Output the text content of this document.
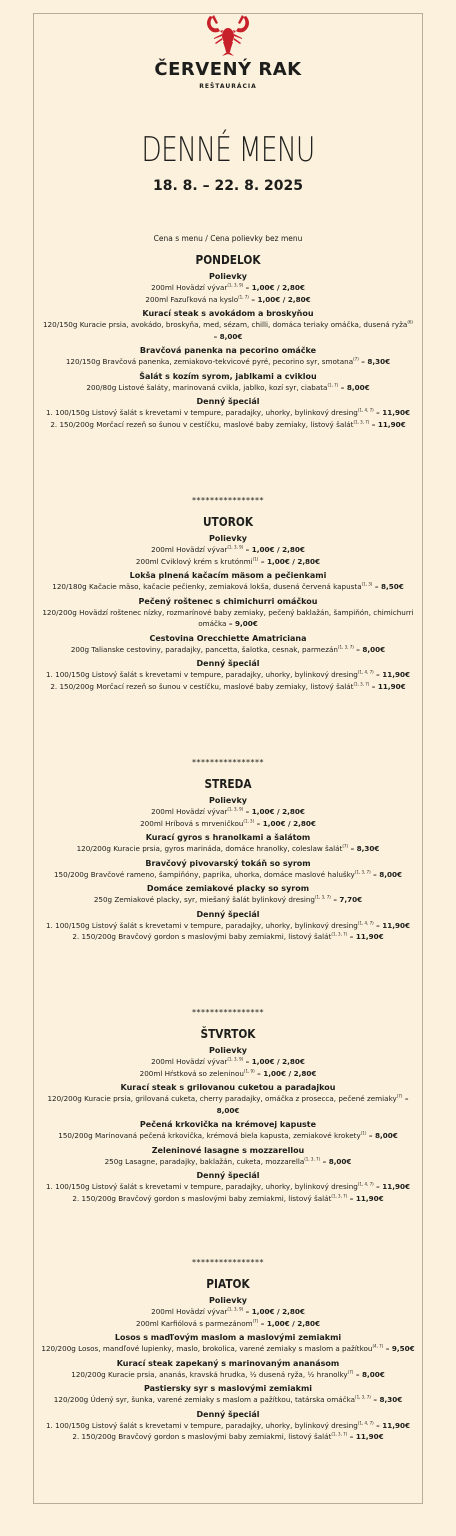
ČERVENÝ RAK
REŠTAURÁCIA
DENNÉ MENU
18. 8. – 22. 8. 2025
Cena s menu / Cena polievky bez menu
PONDELOK
Polievky
200ml Hovädzí vývar$^{(1, 3, 9)}$ – 1,00€ / 2,80€
200ml Fazuľková na kyslo$^{(1, 7)}$ – 1,00€ / 2,80€
Kurací steak s avokádom a broskyňou
120/150g Kuracie prsia, avokádo, broskyňa, med, sézam, chilli, domáca teriaky omáčka, dusená ryža$^{(6)}$ – 8,00€
Bravčová panenka na pecorino omáčke
120/150g Bravčová panenka, zemiakovo-tekvicové pyré, pecorino syr, smotana$^{(7)}$ – 8,30€
Šalát s kozím syrom, jablkami a cviklou
200/80g Listové šaláty, marinovaná cvikla, jablko, kozí syr, ciabata$^{(1, 7)}$ – 8,00€
Denný špeciál
1. 100/150g Listový šalát s krevetami v tempure, paradajky, uhorky, bylinkový dresing$^{(1, 4, 7)}$ – 11,90€
2. 150/200g Morčací rezeň so šunou v cestíčku, maslové baby zemiaky, listový šalát$^{(1, 3, 7)}$ – 11,90€
UTOROK
Polievky
200ml Hovädzí vývar$^{(1, 3, 9)}$ – 1,00€ / 2,80€
200ml Cviklový krém s krutónmi$^{(1)}$ – 1,00€ / 2,80€
Lokša plnená kačacím mäsom a pečienkami
120/180g Kačacie mäso, kačacie pečienky, zemiaková lokša, dusená červená kapusta$^{(1, 3)}$ – 8,50€
Pečený roštenec s chimichurri omáčkou
120/200g Hovädzí roštenec nízky, rozmarínové baby zemiaky, pečený baklažán, šampiňón, chimichurri omáčka – 9,00€
Cestovina Orecchiette Amatriciana
200g Talianske cestoviny, paradajky, pancetta, šalotka, cesnak, parmezán$^{(1, 3, 7)}$ – 8,00€
Denný špeciál
1. 100/150g Listový šalát s krevetami v tempure, paradajky, uhorky, bylinkový dresing$^{(1, 4, 7)}$ – 11,90€
2. 150/200g Morčací rezeň so šunou v cestíčku, maslové baby zemiaky, listový šalát$^{(1, 3, 7)}$ – 11,90€
STREDA
Polievky
200ml Hovädzí vývar$^{(1, 3, 9)}$ – 1,00€ / 2,80€
200ml Hríbová s mrveničkou$^{(1, 3)}$ – 1,00€ / 2,80€
Kurací gyros s hranolkami a šalátom
120/200g Kuracie prsia, gyros marináda, domáce hranolky, coleslaw šalát$^{(7)}$ – 8,30€
Bravčový pivovarský tokáň so syrom
150/200g Bravčové rameno, šampiňóny, paprika, uhorka, domáce maslové halušky$^{(1, 3, 7)}$ – 8,00€
Domáce zemiakové placky so syrom
250g Zemiakové placky, syr, miešaný šalát bylinkový dresing$^{(1, 3, 7)}$ – 7,70€
Denný špeciál
1. 100/150g Listový šalát s krevetami v tempure, paradajky, uhorky, bylinkový dresing$^{(1, 4, 7)}$ – 11,90€
2. 150/200g Bravčový gordon s maslovými baby zemiakmi, listový šalát$^{(1, 3, 7)}$ – 11,90€
ŠTVRTOK
Polievky
200ml Hovädzí vývar$^{(1, 3, 9)}$ – 1,00€ / 2,80€
200ml Hŕstková so zeleninou$^{(1, 9)}$ – 1,00€ / 2,80€
Kurací steak s grilovanou cuketou a paradajkou
120/200g Kuracie prsia, grilovaná cuketa, cherry paradajky, omáčka z prosecca, pečené zemiaky$^{(7)}$ – 8,00€
Pečená krkovička na krémovej kapuste
150/200g Marinovaná pečená krkovička, krémová biela kapusta, zemiakové krokety$^{(1)}$ – 8,00€
Zeleninové lasagne s mozzarellou
250g Lasagne, paradajky, baklažán, cuketa, mozzarella$^{(1, 3, 7)}$ – 8,00€
Denný špeciál
1. 100/150g Listový šalát s krevetami v tempure, paradajky, uhorky, bylinkový dresing$^{(1, 4, 7)}$ – 11,90€
2. 150/200g Bravčový gordon s maslovými baby zemiakmi, listový šalát$^{(1, 3, 7)}$ – 11,90€
PIATOK
Polievky
200ml Hovädzí vývar$^{(1, 3, 9)}$ – 1,00€ / 2,80€
200ml Karfiólová s parmezánom$^{(7)}$ – 1,00€ / 2,80€
Losos s maďľovým maslom a maslovými zemiakmi
120/200g Losos, mandľové lupienky, maslo, brokolica, varené zemiaky s maslom a pažítkou$^{(4, 7)}$ – 9,50€
Kurací steak zapekaný s marinovaným ananásom
120/200g Kuracie prsia, ananás, kravská hrudka, ½ dusená ryža, ½ hranolky$^{(7)}$ – 8,00€
Pastiersky syr s maslovými zemiakmi
120/200g Údený syr, šunka, varené zemiaky s maslom a pažítkou, tatárska omáčka$^{(1, 3, 7)}$ – 8,30€
Denný špeciál
1. 100/150g Listový šalát s krevetami v tempure, paradajky, uhorky, bylinkový dresing$^{(1, 4, 7)}$ – 11,90€
2. 150/200g Bravčový gordon s maslovými baby zemiakmi, listový šalát$^{(1, 3, 7)}$ – 11,90€
****************
****************
****************
****************
